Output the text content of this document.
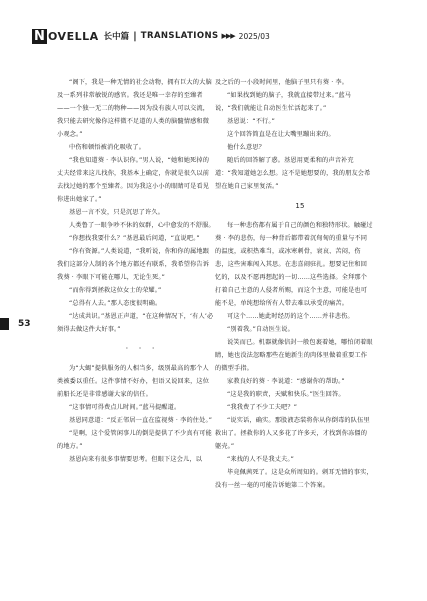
N OVELLA 长中篇 | TRANSLATIONS ▶▶▶ 2025/03
53

“阁下，我是一种无情的社会动物，拥有巨大的大脑及一系列非常敏锐的感官。我还是唯一幸存的至臻者——一个独一无二的物种——因为没有族人可以交流，我只能去研究像你这样微不足道的人类的脑髓情感和微小观念。”

中伤和顿悟被消化吸收了。

“我也知道葵 · 李认识你。”男人说，“她和她死掉的丈夫经常来这儿找你，我基本上确定，你就是很久以前去找过她的那个至臻者。因为我这小小的眼睛可是看见你进出她家了。”

基恩一言不发，只是沉思了许久。

人类鲁了一眼争吵不休的奴群，心中愈发的不舒服。

“你想找我要什么？”基恩最后问道，“直说吧。”

“你有资源。”人类说道，“我听说，你和你的属地跟我们这部分人制的各个地方都还有联系，我希望你告诉我葵 · 李眼下可能在哪儿，无论生死。”

“而你得到拯救这位女士的荣耀。”

“总得有人去。”那人态度很明确。

“达成共识。”基恩正声道，“在这种情况下，‘有人’必须得去做这件大好事。”

· · ·

为“大蝎”提供服务的人相当多，级别最高的那个人类被委以重任。这件事情不好办，但语又说回来，这位前船长还是非常感谢大家的信任。

“这事情可得费点儿时间。”蓝马提醒道。

基恩同意道：“反正邻居一直在监视葵 · 李的住处。”

“是啊，这个爱管闲事儿的倒是提供了不少真有可能的地方。”

基恩向来有很多事情要思考。但眼下这会儿，以

及之后的一小段时间里，他脑子里只有葵 · 李。

“如果找到她的脑子，我就直接带过来。”蓝马说，“我们就能让自动医生忙活起来了。”

基恩说：“不行。”

这个回答简直是在让大嘴里蹦出来的。

他什么意思？

随后的回答解了惑。基恩用更柔和的声音补充道：“我知道她怎么想。这不是她想要的，我的朋友会希望在她自己家里复活。”

15

每一种悲伤都有属于自己的颜色和独特形状。触碰过葵 · 李的悲伤，每一种背后都带着沉甸甸的重量与不同的温度，或积热难当，或冰寒刺骨，衰哀、苦闷，伤悲，这些害难闯入其思。在悲喜闹驻扎。想要记住和回忆的，以及不愿再想起的一切……这些选择。全拜那个打着自己主意的人侵者所赐，而这个主意，可能是也可能不是，单纯想给所有人带去难以承受的痛苦。

可这个……她此时经历的这个……并非悲伤。

“别着我。”自动医生说。

说笑而已。机器就像信封一般包裹着她，哪怕闭着眼睛，她也没法忽略那些在她新生的肉体里做着重要工作的微型手指。

家教良好的葵 · 李说道：“感谢你的帮助。”

“这是我的职责，天赋和快乐。”医生回答。

“我我费了不少工夫吧？”

“说实话，确实。那股液态装将你从你倒毒的队伍里救出了。拯救你的人又多花了许多天，才找到你冻僵的躯壳。”

“来找的人不是我丈夫。”

毕竟佩茜死了。这是众所周知的。刺耳无情的事实，没有一丝一毫的可能告诉她第二个答案。
